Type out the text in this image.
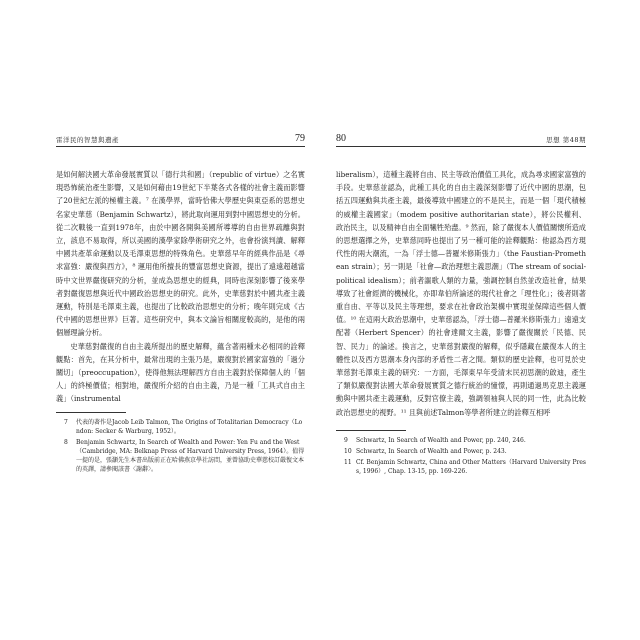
雷洋民的智慧與遺產	79

是如何解決國大革命發展實質以「德行共和國」（republic of virtue）之名實現恐怖統治產生影響，又是如何藉由19世紀下半葉各式各樣的社會主義而影響了20世紀左派的極權主義。⁷ 在漢學界，當時恰佛大學歷史與東亞系的思想史名家史華慈（Benjamin Schwartz），將此取向運用到對中國思想史的分析。從二次戰後一直到1978年，由於中國各開與美國所導導的自由世界疏離與對立，該息不易取得，所以美國的漢學家除學術研究之外，也會扮演判讀、解釋中國共產革命運動以及毛澤東思想的特殊角色。史華慈早年的經典作品是《尋求富強：嚴復與西方》，⁸ 運用他所擅長的豐富思想史資源，提出了遠遠超越當時中文世界嚴復研究的分析，並成為思想史的經典，同時也深刻影響了後來學者對嚴復思想與近代中國政治思想史的研究。此外，史華慈對於中國共產主義運動，特別是毛澤東主義，也提出了比較政治思想史的分析；晚年則完成《古代中國的思想世界》巨著。這些研究中，與本文論旨相關度較高的，是他的兩個層理論分析。

史華慈對嚴復的自由主義所提出的歷史解釋，蘊含著兩種未必相同的詮釋觀點：首先，在其分析中，最常出現的主張乃是，嚴復對於國家富強的「過分關切」（preoccupation），使得他無法理解西方自由主義對於保障個人的「個人」的終極價值；相對地，嚴復所介紹的自由主義，乃是一種「工具式自由主義」（instrumental

7 代表的著作是Jacob Leib Talmon, The Origins of Totalitarian Democracy（London: Secker & Warburg, 1952）。
8 Benjamin Schwartz, In Search of Wealth and Power: Yen Fu and the West（Cambridge, MA: Belknap Press of Harvard University Press, 1964）。值得一提的是，張灝先生本書出版前正在哈佛燕京學社訪問，並曾協助史華慈校訂嚴復文本的英譯，請參閱該書〈謝辭〉。
80	思想 第48期

liberalism），這種主義將自由、民主等政治價值工具化，成為尋求國家富強的手段。史華慈並認為，此種工具化的自由主義深刻影響了近代中國的思潮，包括五四運動與共產主義，最後導致中國建立的不是民主，而是一個「現代積極的威權主義國家」（modem positive authoritarian state），將公民權利、政治民主，以及精神自由全面犧牲殆盡。⁹ 然而，除了嚴復本人價值關懷所造成的思想選擇之外，史華慈同時也提出了另一種可能的詮釋觀點：他認為西方現代性的兩大潮流，一為「浮士德—普羅米修斯張力」（the Faustian-Promethean strain）；另一則是「社會—政治理想主義思潮」（The stream of social-political idealism）；前者謳歌人類的力量，強調控制自然並改造社會，結果導致了社會經濟的機械化，亦即韋伯所論述的現代社會之「理性化」；後者則著重自由、平等以及民主等理想，要求在社會政治架構中實現並保障這些個人價值。¹⁰ 在這兩大政治思潮中，史華慈認為，「浮士德—普羅米修斯張力」遠遠支配著（Herbert Spencer）的社會達爾文主義，影響了嚴復關於「民德、民智、民力」的論述。換言之，史華慈對嚴復的解釋，似乎隱藏在嚴復本人的主體性以及西方思潮本身內部的矛盾性二者之間。類似的歷史詮釋，也可見於史華慈對毛澤東主義的研究：一方面，毛澤東早年受清末民初思潮的啟迪，產生了類似嚴復對法國大革命發展實質之德行統治的憧憬，再則通過馬克思主義運動與中國共產主義運動，反對官僚主義，強調領袖與人民的同一性，此為比較政治思想史的視野。¹¹ 且與前述Talmon等學者所建立的詮釋互相呼

9 Schwartz, In Search of Wealth and Power, pp. 240, 246.
10 Schwartz, In Search of Wealth and Power, p. 243.
11 Cf. Benjamin Schwartz, China and Other Matters（Harvard University Press, 1996）, Chap. 13-15, pp. 169-226.
